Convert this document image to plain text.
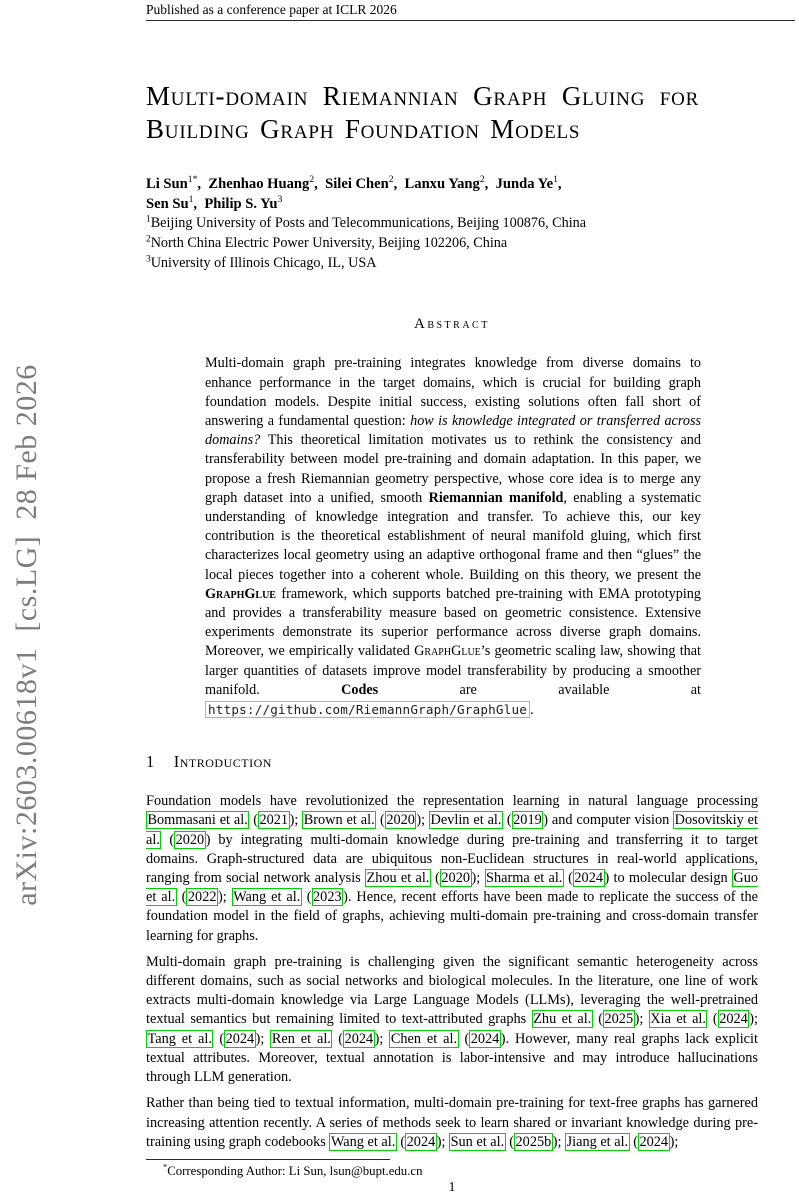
arXiv:2603.00618v1  [cs.LG]  28 Feb 2026
Published as a conference paper at ICLR 2026
Multi-domain Riemannian Graph Gluing for
Building Graph Foundation Models
Li Sun$^{1*}$, Zhenhao Huang$^2$, Silei Chen$^2$, Lanxu Yang$^2$, Junda Ye$^1$,
Sen Su$^1$, Philip S. Yu$^3$
$^1$Beijing University of Posts and Telecommunications, Beijing 100876, China
$^2$North China Electric Power University, Beijing 102206, China
$^3$University of Illinois Chicago, IL, USA
Abstract
Multi-domain graph pre-training integrates knowledge from diverse domains to enhance performance in the target domains, which is crucial for building graph foundation models. Despite initial success, existing solutions often fall short of answering a fundamental question: how is knowledge integrated or transferred across domains? This theoretical limitation motivates us to rethink the consistency and transferability between model pre-training and domain adaptation. In this paper, we propose a fresh Riemannian geometry perspective, whose core idea is to merge any graph dataset into a unified, smooth Riemannian manifold, enabling a systematic understanding of knowledge integration and transfer. To achieve this, our key contribution is the theoretical establishment of neural manifold gluing, which first characterizes local geometry using an adaptive orthogonal frame and then “glues” the local pieces together into a coherent whole. Building on this theory, we present the GraphGlue framework, which supports batched pre-training with EMA prototyping and provides a transferability measure based on geometric consistence. Extensive experiments demonstrate its superior performance across diverse graph domains. Moreover, we empirically validated GraphGlue’s geometric scaling law, showing that larger quantities of datasets improve model transferability by producing a smoother manifold. Codes are available at https://github.com/RiemannGraph/GraphGlue .
1 Introduction
Foundation models have revolutionized the representation learning in natural language processing Bommasani et al. ( 2021 ); Brown et al. ( 2020 ); Devlin et al. ( 2019 ) and computer vision Dosovitskiy et al. ( 2020 ) by integrating multi-domain knowledge during pre-training and transferring it to target domains. Graph-structured data are ubiquitous non-Euclidean structures in real-world applications, ranging from social network analysis Zhou et al. ( 2020 ); Sharma et al. ( 2024 ) to molecular design Guo et al. ( 2022 ); Wang et al. ( 2023 ). Hence, recent efforts have been made to replicate the success of the foundation model in the field of graphs, achieving multi-domain pre-training and cross-domain transfer learning for graphs.
Multi-domain graph pre-training is challenging given the significant semantic heterogeneity across different domains, such as social networks and biological molecules. In the literature, one line of work extracts multi-domain knowledge via Large Language Models (LLMs), leveraging the well-pretrained textual semantics but remaining limited to text-attributed graphs Zhu et al. ( 2025 ); Xia et al. ( 2024 ); Tang et al. ( 2024 ); Ren et al. ( 2024 ); Chen et al. ( 2024 ). However, many real graphs lack explicit textual attributes. Moreover, textual annotation is labor-intensive and may introduce hallucinations through LLM generation.
Rather than being tied to textual information, multi-domain pre-training for text-free graphs has garnered increasing attention recently. A series of methods seek to learn shared or invariant knowledge during pre-training using graph codebooks Wang et al. ( 2024 ); Sun et al. ( 2025b ); Jiang et al. ( 2024 );
*Corresponding Author: Li Sun, lsun@bupt.edu.cn
1
